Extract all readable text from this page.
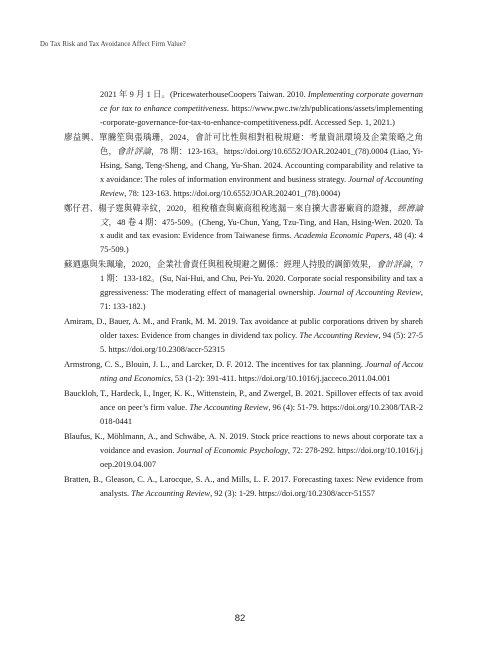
Do Tax Risk and Tax Avoidance Affect Firm Value?

2021 年 9 月 1 日。(PricewaterhouseCoopers Taiwan. 2010. Implementing corporate governance for tax to enhance competitiveness. https://www.pwc.tw/zh/publications/assets/implementing-corporate-governance-for-tax-to-enhance-competitiveness.pdf. Accessed Sep. 1, 2021.)

廖益興、單騰笙與張瑀珊，2024，會計可比性與相對租稅規避：考量資訊環境及企業策略之角色，會計評論，78 期：123-163。https://doi.org/10.6552/JOAR.202401_(78).0004 (Liao, Yi-Hsing, Sang, Teng-Sheng, and Chang, Yu-Shan. 2024. Accounting comparability and relative tax avoidance: The roles of information environment and business strategy. Journal of Accounting Review, 78: 123-163. https://doi.org/10.6552/JOAR.202401_(78).0004)

鄭仔君、楊子霆與韓幸紋，2020，租稅稽查與廠商租稅逃漏－來自擴大書審廠商的證據，經濟論文，48 卷 4 期：475-509。(Cheng, Yu-Chun, Yang, Tzu-Ting, and Han, Hsing-Wen. 2020. Tax audit and tax evasion: Evidence from Taiwanese firms. Academia Economic Papers, 48 (4): 475-509.)

蘇迺惠與朱珮瑜，2020，企業社會責任與租稅規避之關係：經理人持股的調節效果，會計評論，71 期：133-182。(Su, Nai-Hui, and Chu, Pei-Yu. 2020. Corporate social responsibility and tax aggressiveness: The moderating effect of managerial ownership. Journal of Accounting Review, 71: 133-182.)

Amiram, D., Bauer, A. M., and Frank, M. M. 2019. Tax avoidance at public corporations driven by shareholder taxes: Evidence from changes in dividend tax policy. The Accounting Review, 94 (5): 27-55. https://doi.org/10.2308/accr-52315

Armstrong, C. S., Blouin, J. L., and Larcker, D. F. 2012. The incentives for tax planning. Journal of Accounting and Economics, 53 (1-2): 391-411. https://doi.org/10.1016/j.jacceco.2011.04.001

Bauckloh, T., Hardeck, I., Inger, K. K., Wittenstein, P., and Zwergel, B. 2021. Spillover effects of tax avoidance on peer’s firm value. The Accounting Review, 96 (4): 51-79. https://doi.org/10.2308/TAR-2018-0441

Blaufus, K., Möhlmann, A., and Schwäbe, A. N. 2019. Stock price reactions to news about corporate tax avoidance and evasion. Journal of Economic Psychology, 72: 278-292. https://doi.org/10.1016/j.joep.2019.04.007

Bratten, B., Gleason, C. A., Larocque, S. A., and Mills, L. F. 2017. Forecasting taxes: New evidence from analysts. The Accounting Review, 92 (3): 1-29. https://doi.org/10.2308/accr-51557

82
